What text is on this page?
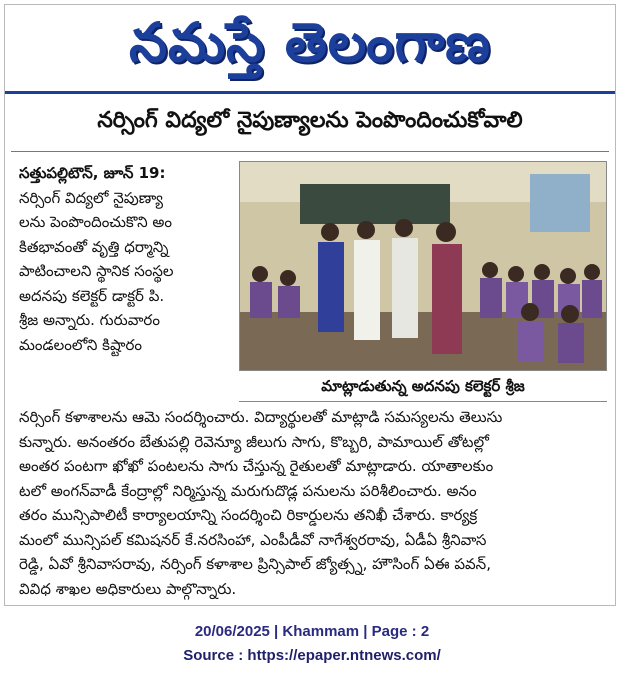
నమస్తే తెలంగాణ
నర్సింగ్ విద్యలో నైపుణ్యాలను పెంపొందించుకోవాలి

సత్తుపల్లిటౌన్, జూన్ 19:

నర్సింగ్ విద్యలో నైపుణ్యా

లను పెంపొందించుకొని అం

కితభావంతో వృత్తి ధర్మాన్ని

పాటించాలని స్థానిక సంస్థల

అదనపు కలెక్టర్ డాక్టర్ పి.

శ్రీజ అన్నారు. గురువారం

మండలంలోని కిష్టారం

మాట్లాడుతున్న అదనపు కలెక్టర్ శ్రీజ

నర్సింగ్ కళాశాలను ఆమె సందర్శించారు. విద్యార్థులతో మాట్లాడి సమస్యలను తెలుసు

కున్నారు. అనంతరం బేతుపల్లి రెవెన్యూ జీలుగు సాగు, కొబ్బరి, పామాయిల్ తోటల్లో

అంతర పంటగా ఖోఖో పంటలను సాగు చేస్తున్న రైతులతో మాట్లాడారు. యాతాలకుం

టలో అంగన్‌వాడీ కేంద్రాల్లో నిర్మిస్తున్న మరుగుదొడ్ల పనులను పరిశీలించారు. అనం

తరం మున్సిపాలిటీ కార్యాలయాన్ని సందర్శించి రికార్డులను తనిఖీ చేశారు. కార్యక్ర

మంలో మున్సిపల్ కమిషనర్ కే.నరసింహా, ఎంపీడీవో నాగేశ్వరరావు, ఏడీఏ శ్రీనివాస

రెడ్డి, ఏవో శ్రీనివాసరావు, నర్సింగ్ కళాశాల ప్రిన్సిపాల్ జ్యోత్స్న, హౌసింగ్ ఏఈ పవన్,

వివిధ శాఖల అధికారులు పాల్గొన్నారు.

20/06/2025 | Khammam | Page : 2
Source : https://epaper.ntnews.com/
